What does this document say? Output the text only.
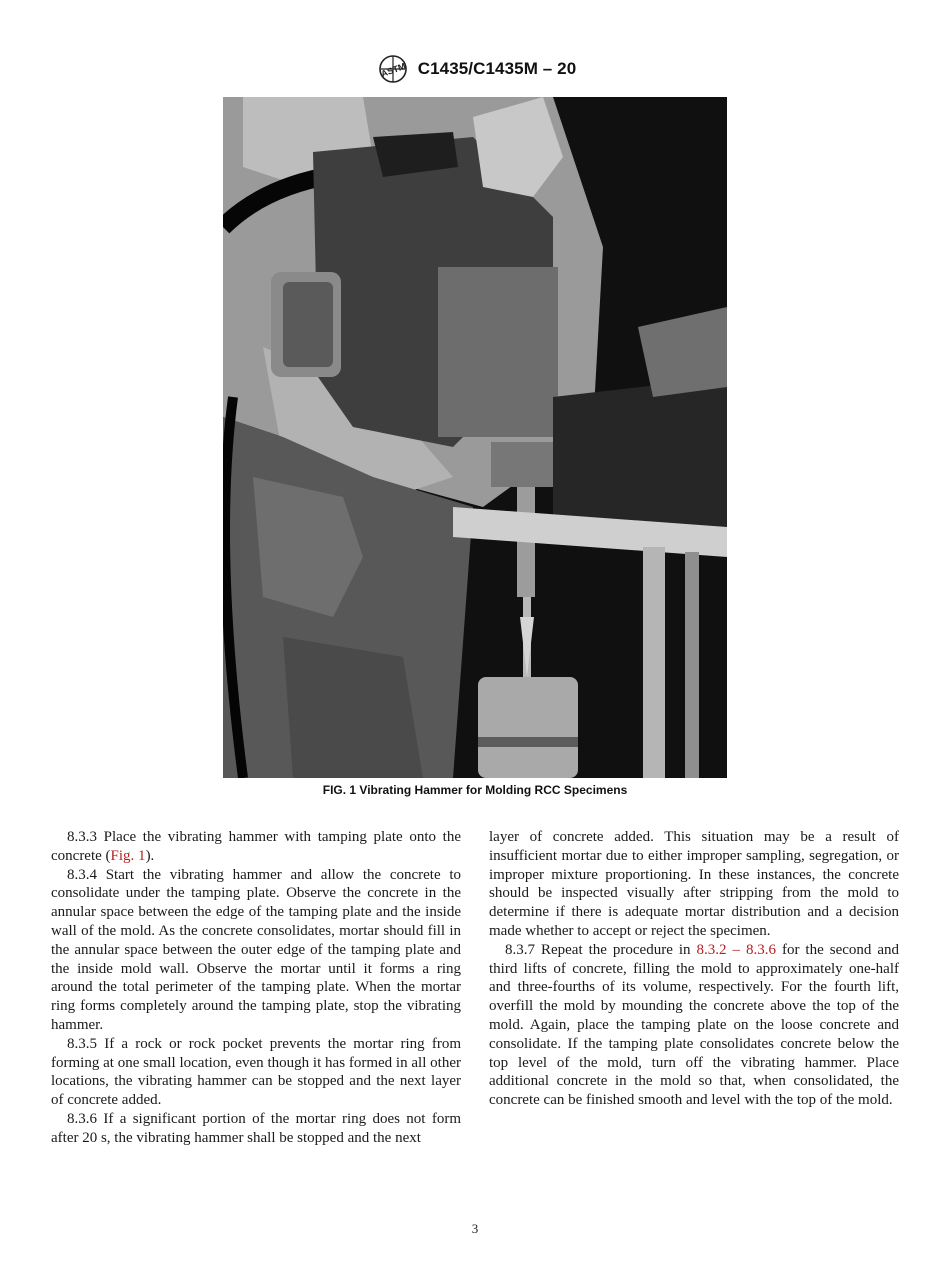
ASTM C1435/C1435M – 20
FIG. 1 Vibrating Hammer for Molding RCC Specimens

8.3.3 Place the vibrating hammer with tamping plate onto the concrete (Fig. 1).

8.3.4 Start the vibrating hammer and allow the concrete to consolidate under the tamping plate. Observe the concrete in the annular space between the edge of the tamping plate and the inside wall of the mold. As the concrete consolidates, mortar should fill in the annular space between the outer edge of the tamping plate and the inside mold wall. Observe the mortar until it forms a ring around the total perimeter of the tamping plate. When the mortar ring forms completely around the tamping plate, stop the vibrating hammer.

8.3.5 If a rock or rock pocket prevents the mortar ring from forming at one small location, even though it has formed in all other locations, the vibrating hammer can be stopped and the next layer of concrete added.

8.3.6 If a significant portion of the mortar ring does not form after 20 s, the vibrating hammer shall be stopped and the next

layer of concrete added. This situation may be a result of insufficient mortar due to either improper sampling, segregation, or improper mixture proportioning. In these instances, the concrete should be inspected visually after stripping from the mold to determine if there is adequate mortar distribution and a decision made whether to accept or reject the specimen.

8.3.7 Repeat the procedure in 8.3.2 – 8.3.6 for the second and third lifts of concrete, filling the mold to approximately one-half and three-fourths of its volume, respectively. For the fourth lift, overfill the mold by mounding the concrete above the top of the mold. Again, place the tamping plate on the loose concrete and consolidate. If the tamping plate consolidates concrete below the top level of the mold, turn off the vibrating hammer. Place additional concrete in the mold so that, when consolidated, the concrete can be finished smooth and level with the top of the mold.

3
